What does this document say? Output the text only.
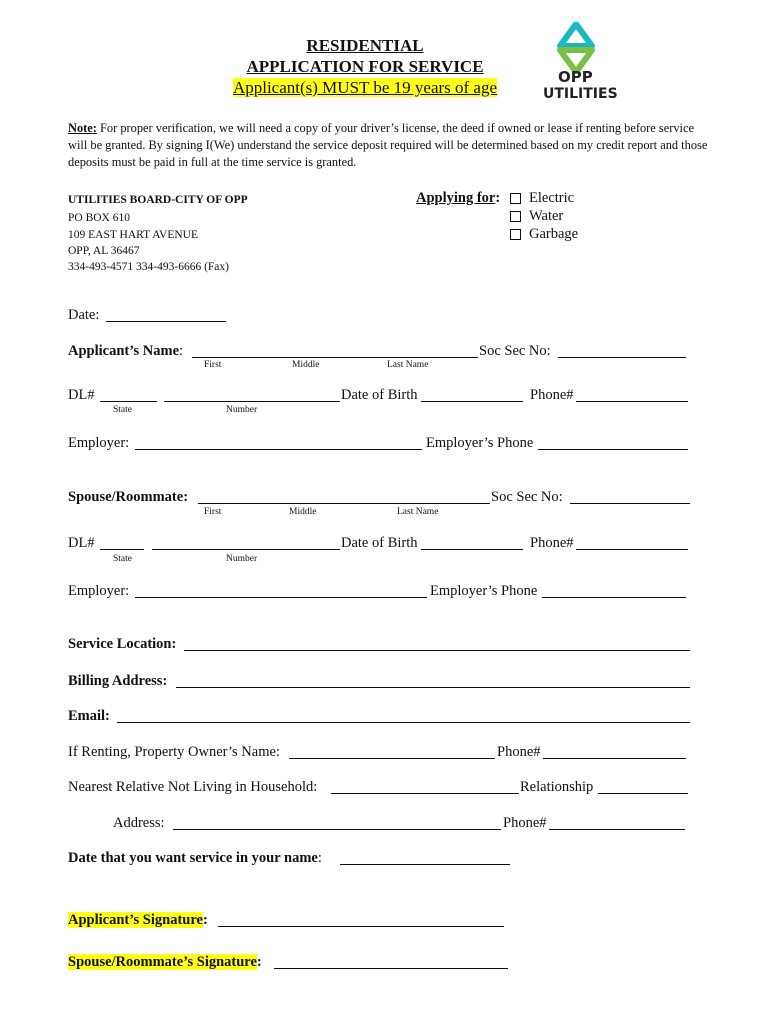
RESIDENTIAL
APPLICATION FOR SERVICE
Applicant(s) MUST be 19 years of age
OPP
UTILITIES
Note: For proper verification, we will need a copy of your driver’s license, the deed if owned or lease if renting before service will be granted. By signing I(We) understand the service deposit required will be determined based on my credit report and those deposits must be paid in full at the time service is granted.
UTILITIES BOARD-CITY OF OPP
PO BOX 610
109 EAST HART AVENUE
OPP, AL 36467
334-493-4571 334-493-6666 (Fax)
Applying for:	Electric
Water
Garbage
Date:
Applicant’s Name:	Soc Sec No:
First	Middle	Last Name
DL#	Date of Birth	Phone#
State	Number
Employer:	Employer’s Phone
Spouse/Roommate:	Soc Sec No:
First	Middle	Last Name
DL#	Date of Birth	Phone#
State	Number
Employer:	Employer’s Phone
Service Location:
Billing Address:
Email:
If Renting, Property Owner’s Name:	Phone#
Nearest Relative Not Living in Household:	Relationship
Address:	Phone#
Date that you want service in your name:
Applicant’s Signature:
Spouse/Roommate’s Signature:
